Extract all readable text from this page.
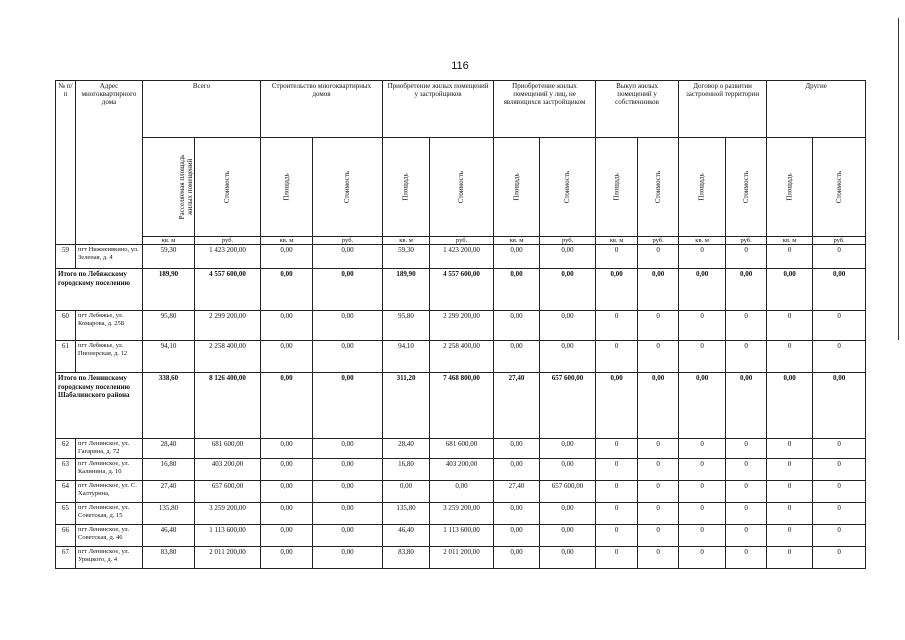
116
№ п/п	Адрес многоквартирного дома	Всего		Строительство многоквартирных домов		Приобретение жилых помещений у застройщиков		Приобретение жилых помещений у лиц, не являющихся застройщиком		Выкуп жилых помещений у собственников		Договор о развитии застроенной территории		Другие	
		Расселяемая площадь жилых помещений	Стоимость	Площадь	Стоимость	Площадь	Стоимость	Площадь	Стоимость	Площадь	Стоимость	Площадь	Стоимость	Площадь	Стоимость
		кв. м	руб.	кв. м	руб.	кв. м	руб.	кв. м	руб.	кв. м	руб.	кв. м	руб.	кв. м	руб.
59	пгт Нижнеивкино, ул. Зеленая, д. 4	59,30	1 423 200,00	0,00	0,00	59,30	1 423 200,00	0,00	0,00	0	0	0	0	0	0
Итого по Лебяжскому городскому поселению		189,90	4 557 600,00	0,00	0,00	189,90	4 557 600,00	0,00	0,00	0,00	0,00	0,00	0,00	0,00	0,00
60	пгт Лебяжье, ул. Комарова, д. 25Б	95,80	2 299 200,00	0,00	0,00	95,80	2 299 200,00	0,00	0,00	0	0	0	0	0	0
61	пгт Лебяжье, ул. Пионерская, д. 12	94,10	2 258 400,00	0,00	0,00	94,10	2 258 400,00	0,00	0,00	0	0	0	0	0	0
Итого по Ленинскому городскому поселению Шабалинского района		338,60	8 126 400,00	0,00	0,00	311,20	7 468 800,00	27,40	657 600,00	0,00	0,00	0,00	0,00	0,00	0,00
62	пгт Ленинское, ул. Гагарина, д. 72	28,40	681 600,00	0,00	0,00	28,40	681 600,00	0,00	0,00	0	0	0	0	0	0
63	пгт Ленинское, ул. Калинина, д. 10	16,80	403 200,00	0,00	0,00	16,80	403 200,00	0,00	0,00	0	0	0	0	0	0
64	пгт Ленинское, ул. С. Халтурина,	27,40	657 600,00	0,00	0,00	0,00	0,00	27,40	657 600,00	0	0	0	0	0	0
65	пгт Ленинское, ул. Советская, д. 15	135,80	3 259 200,00	0,00	0,00	135,80	3 259 200,00	0,00	0,00	0	0	0	0	0	0
66	пгт Ленинское, ул. Советская, д. 46	46,40	1 113 600,00	0,00	0,00	46,40	1 113 600,00	0,00	0,00	0	0	0	0	0	0
67	пгт Ленинское, ул. Урицкого, д. 4	83,80	2 011 200,00	0,00	0,00	83,80	2 011 200,00	0,00	0,00	0	0	0	0	0	0
